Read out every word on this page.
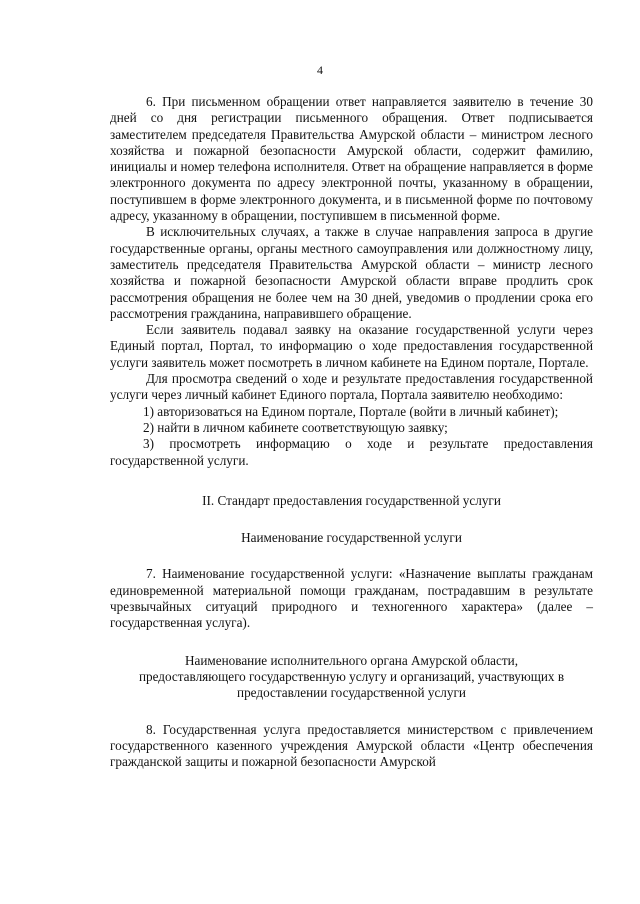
4

6. При письменном обращении ответ направляется заявителю в течение 30 дней со дня регистрации письменного обращения. Ответ подписывается заместителем председателя Правительства Амурской области – министром лесного хозяйства и пожарной безопасности Амурской области, содержит фамилию, инициалы и номер телефона исполнителя. Ответ на обращение направляется в форме электронного документа по адресу электронной почты, указанному в обращении, поступившем в форме электронного документа, и в письменной форме по почтовому адресу, указанному в обращении, поступившем в письменной форме.

В исключительных случаях, а также в случае направления запроса в другие государственные органы, органы местного самоуправления или должностному лицу, заместитель председателя Правительства Амурской области – министр лесного хозяйства и пожарной безопасности Амурской области вправе продлить срок рассмотрения обращения не более чем на 30 дней, уведомив о продлении срока его рассмотрения гражданина, направившего обращение.

Если заявитель подавал заявку на оказание государственной услуги через Единый портал, Портал, то информацию о ходе предоставления государственной услуги заявитель может посмотреть в личном кабинете на Едином портале, Портале.

Для просмотра сведений о ходе и результате предоставления государственной услуги через личный кабинет Единого портала, Портала заявителю необходимо:

1) авторизоваться на Едином портале, Портале (войти в личный кабинет);

2) найти в личном кабинете соответствующую заявку;

3) просмотреть информацию о ходе и результате предоставления государственной услуги.

II. Стандарт предоставления государственной услуги

Наименование государственной услуги

7. Наименование государственной услуги: «Назначение выплаты гражданам единовременной материальной помощи гражданам, пострадавшим в результате чрезвычайных ситуаций природного и техногенного характера» (далее – государственная услуга).

Наименование исполнительного органа Амурской области,

предоставляющего государственную услугу и организаций, участвующих в

предоставлении государственной услуги

8. Государственная услуга предоставляется министерством с привлечением государственного казенного учреждения Амурской области «Центр обеспечения гражданской защиты и пожарной безопасности Амурской
